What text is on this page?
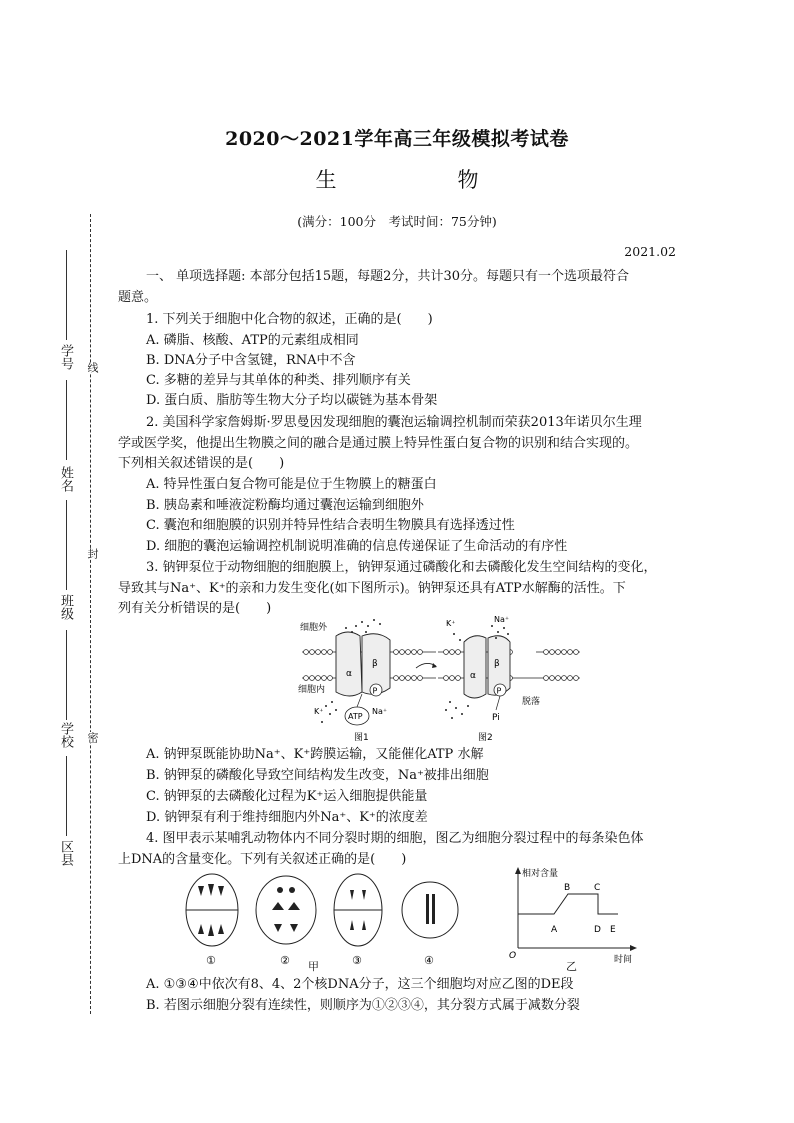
2020～2021学年高三年级模拟考试卷
生　物
(满分：100分　考试时间：75分钟)
2021.02
学号
姓名
班级
学校
区县
线
封
密
一、 单项选择题: 本部分包括15题，每题2分，共计30分。每题只有一个选项最符合
题意。
1. 下列关于细胞中化合物的叙述，正确的是(　　)
A. 磷脂、核酸、ATP的元素组成相同
B. DNA分子中含氢键，RNA中不含
C. 多糖的差异与其单体的种类、排列顺序有关
D. 蛋白质、脂肪等生物大分子均以碳链为基本骨架
2. 美国科学家詹姆斯·罗思曼因发现细胞的囊泡运输调控机制而荣获2013年诺贝尔生理
学或医学奖，他提出生物膜之间的融合是通过膜上特异性蛋白复合物的识别和结合实现的。
下列相关叙述错误的是(　　)
A. 特异性蛋白复合物可能是位于生物膜上的糖蛋白
B. 胰岛素和唾液淀粉酶均通过囊泡运输到细胞外
C. 囊泡和细胞膜的识别并特异性结合表明生物膜具有选择透过性
D. 细胞的囊泡运输调控机制说明准确的信息传递保证了生命活动的有序性
3. 钠钾泵位于动物细胞的细胞膜上，钠钾泵通过磷酸化和去磷酸化发生空间结构的变化，
导致其与Na⁺、K⁺的亲和力发生变化(如下图所示)。钠钾泵还具有ATP水解酶的活性。下
列有关分析错误的是(　　)
α
β
P
ATP
细胞外
细胞内
K⁺	Na⁺
α
β
P
K⁺	Na⁺
脱落
Pi
图1	图2
A. 钠钾泵既能协助Na⁺、K⁺跨膜运输，又能催化ATP 水解
B. 钠钾泵的磷酸化导致空间结构发生改变，Na⁺被排出细胞
C. 钠钾泵的去磷酸化过程为K⁺运入细胞提供能量
D. 钠钾泵有利于维持细胞内外Na⁺、K⁺的浓度差
4. 图甲表示某哺乳动物体内不同分裂时期的细胞，图乙为细胞分裂过程中的每条染色体
上DNA的含量变化。下列有关叙述正确的是(　　)
①	②	③	④
甲
相对含量
时间
O
A
B	C
D E
乙
A. ①③④中依次有8、4、2个核DNA分子，这三个细胞均对应乙图的DE段
B. 若图示细胞分裂有连续性，则顺序为①②③④，其分裂方式属于减数分裂
